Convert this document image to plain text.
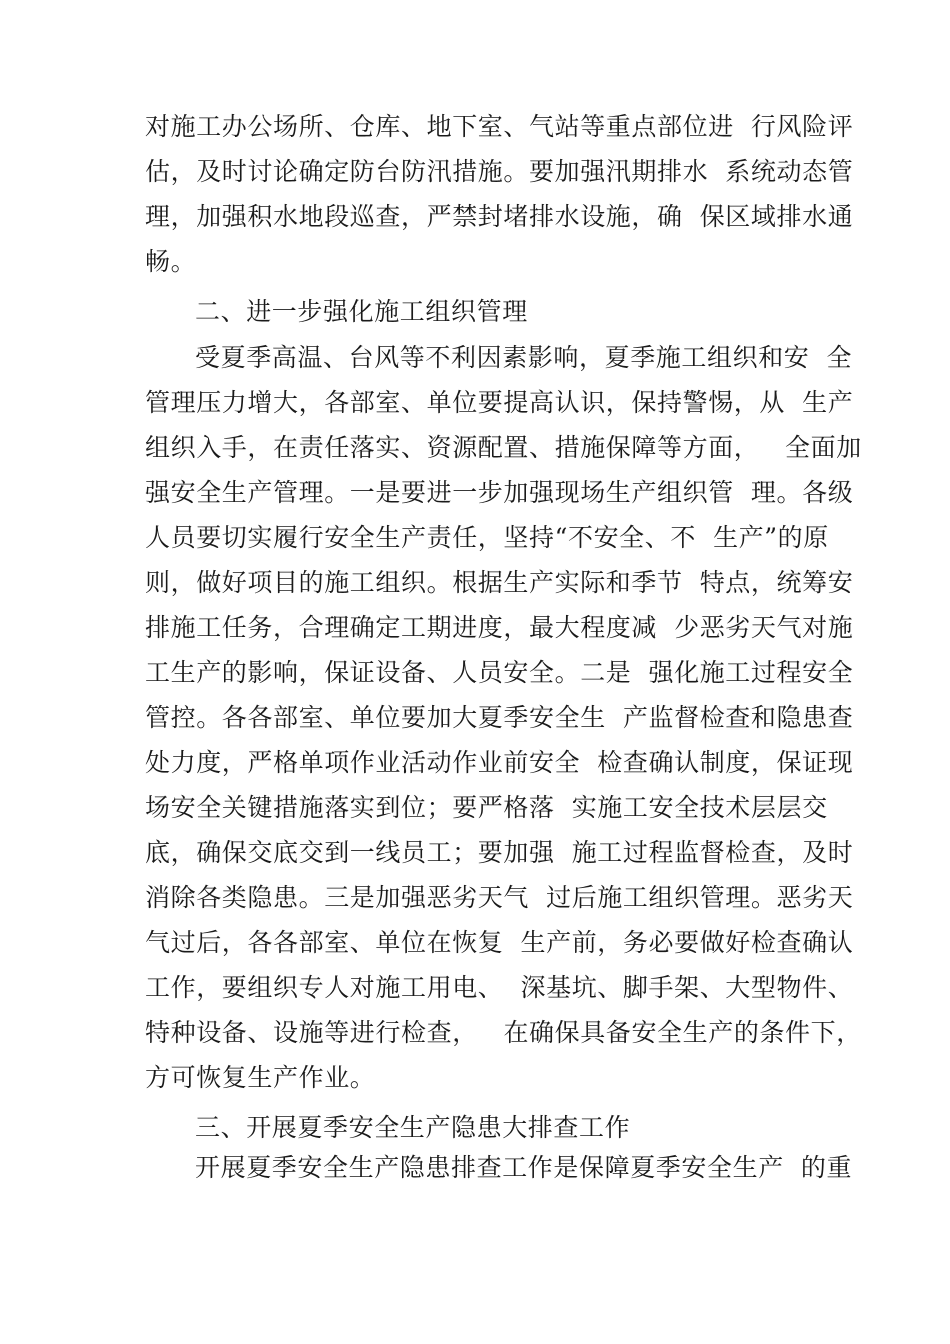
对施工办公场所、仓库、地下室、气站等重点部位进  行风险评
估，及时讨论确定防台防汛措施。要加强汛期排水  系统动态管
理，加强积水地段巡查，严禁封堵排水设施，确  保区域排水通
畅。
二、进一步强化施工组织管理
受夏季高温、台风等不利因素影响，夏季施工组织和安  全
管理压力增大，各部室、单位要提高认识，保持警惕，从  生产
组织入手，在责任落实、资源配置、措施保障等方面，   全面加
强安全生产管理。一是要进一步加强现场生产组织管  理。各级
人员要切实履行安全生产责任，坚持“不安全、不  生产”的原
则，做好项目的施工组织。根据生产实际和季节  特点，统筹安
排施工任务，合理确定工期进度，最大程度减  少恶劣天气对施
工生产的影响，保证设备、人员安全。二是  强化施工过程安全
管控。各各部室、单位要加大夏季安全生  产监督检查和隐患查
处力度，严格单项作业活动作业前安全  检查确认制度，保证现
场安全关键措施落实到位；要严格落  实施工安全技术层层交
底，确保交底交到一线员工；要加强  施工过程监督检查，及时
消除各类隐患。三是加强恶劣天气  过后施工组织管理。恶劣天
气过后，各各部室、单位在恢复  生产前，务必要做好检查确认
工作，要组织专人对施工用电、  深基坑、脚手架、大型物件、
特种设备、设施等进行检查，   在确保具备安全生产的条件下，
方可恢复生产作业。
三、开展夏季安全生产隐患大排查工作
开展夏季安全生产隐患排查工作是保障夏季安全生产  的重
